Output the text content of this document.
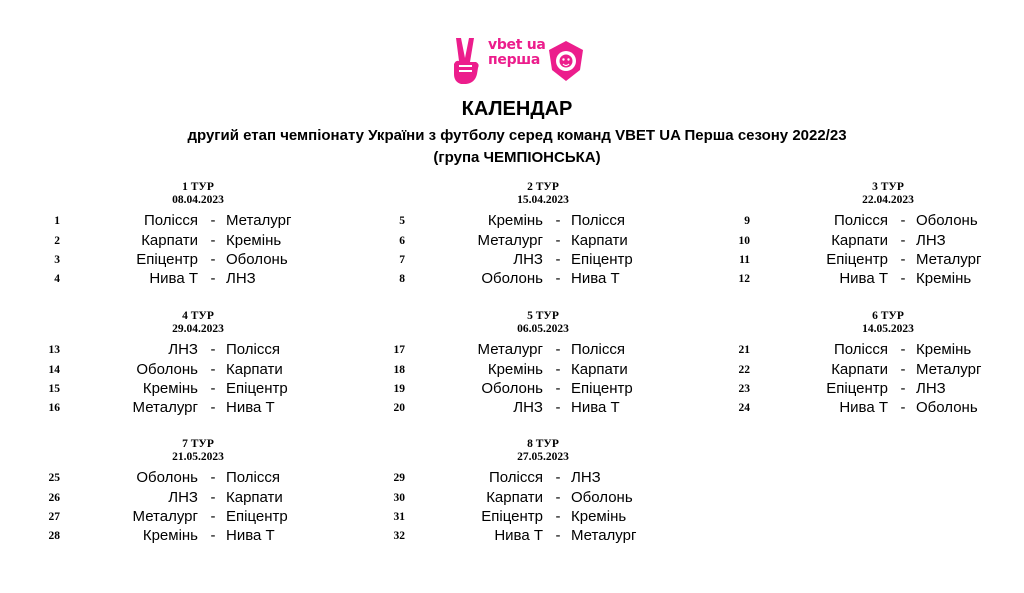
vbet ua
перша
КАЛЕНДАР
другий етап чемпіонату України з футболу серед команд VBET UA Перша сезону 2022/23
(група ЧЕМПІОНСЬКА)
1 ТУР
08.04.2023
1	Полісся - Металург
2	Карпати - Кремінь
3	Епіцентр - Оболонь
4	Нива Т - ЛНЗ
2 ТУР
15.04.2023
5	Кремінь - Полісся
6	Металург - Карпати
7	ЛНЗ - Епіцентр
8	Оболонь - Нива Т
3 ТУР
22.04.2023
9	Полісся - Оболонь
10	Карпати - ЛНЗ
11	Епіцентр - Металург
12	Нива Т - Кремінь
4 ТУР
29.04.2023
13	ЛНЗ - Полісся
14	Оболонь - Карпати
15	Кремінь - Епіцентр
16	Металург - Нива Т
5 ТУР
06.05.2023
17	Металург - Полісся
18	Кремінь - Карпати
19	Оболонь - Епіцентр
20	ЛНЗ - Нива Т
6 ТУР
14.05.2023
21	Полісся - Кремінь
22	Карпати - Металург
23	Епіцентр - ЛНЗ
24	Нива Т - Оболонь
7 ТУР
21.05.2023
25	Оболонь - Полісся
26	ЛНЗ - Карпати
27	Металург - Епіцентр
28	Кремінь - Нива Т
8 ТУР
27.05.2023
29	Полісся - ЛНЗ
30	Карпати - Оболонь
31	Епіцентр - Кремінь
32	Нива Т - Металург
